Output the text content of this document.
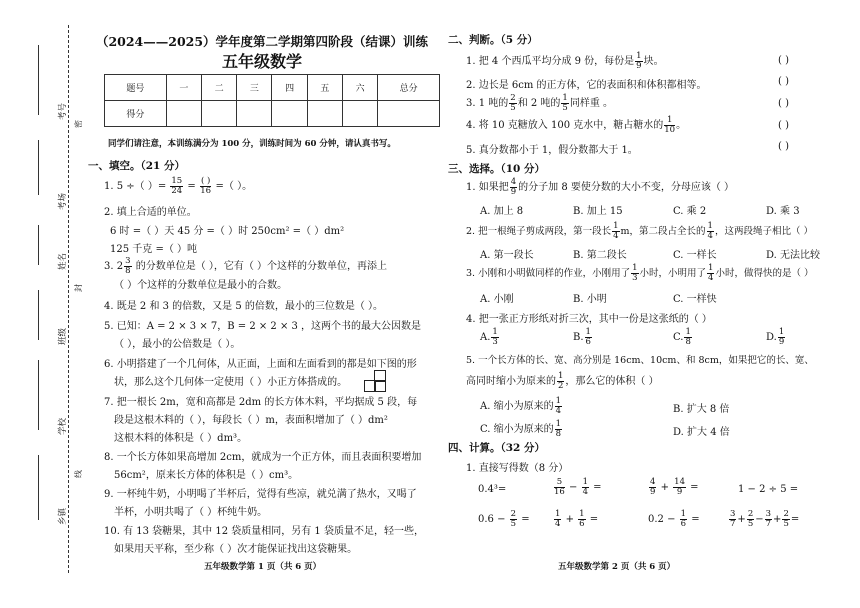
考号
密
考场
姓名
封
班级
学校
线
乡镇
（2024——2025）学年度第二学期第四阶段（结课）训练
五年级数学
题号	一	二	三	四	五	六	总分
得分							
同学们请注意，本训练满分为 100 分，训练时间为 60 分钟，请认真书写。
一、填空。（21 分）
1. 5 ÷（ ）= $\frac{15}{24} = \frac{( )}{16}$ =（ ）。
2. 填上合适的单位。
6 时 =（ ）天 45 分 =（ ）时 250cm² =（ ）dm²
125 千克 =（ ）吨
3. $2 \frac{3}{8}$ 的分数单位是（ ），它有（ ）个这样的分数单位，再添上
（ ）个这样的分数单位是最小的合数。
4. 既是 2 和 3 的倍数，又是 5 的倍数，最小的三位数是（ ）。
5. 已知：A = 2 × 3 × 7，B = 2 × 2 × 3 ，这两个书的最大公因数是
（ ），最小的公倍数是（ ）。
6. 小明搭建了一个几何体，从正面，上面和左面看到的都是如下图的形
状，那么这个几何体一定使用（ ）小正方体搭成的。
7. 把一根长 2m，宽和高都是 2dm 的长方体木料，平均据成 5 段，每
段是这根木料的（ ），每段长（ ）m，表面积增加了（ ）dm²
这根木料的体积是（ ）dm³。
8. 一个长方体如果高增加 2cm，就成为一个正方体，而且表面积要增加
56cm²，原来长方体的体积是（ ）cm³。
9. 一杯纯牛奶，小明喝了半杯后，觉得有些凉，就兑满了热水，又喝了
半杯，小明共喝了（ ）杯纯牛奶。
10. 有 13 袋糖果，其中 12 袋质量相同，另有 1 袋质量不足，轻一些，
如果用天平称，至少称（ ）次才能保证找出这袋糖果。
五年级数学第 1 页（共 6 页）
二、判断。（5 分）
1. 把 4 个西瓜平均分成 9 份，每份是 $\frac{1}{9}$ 块。	( )
2. 边长是 6cm 的正方体，它的表面积和体积都相等。	( )
3. 1 吨的 $\frac{2}{5}$ 和 2 吨的 $\frac{1}{5}$ 同样重 。	( )
4. 将 10 克糖放入 100 克水中，糖占糖水的 $\frac{1}{10}$ 。	( )
5. 真分数都小于 1，假分数都大于 1。	( )
三、选择。（10 分）
1. 如果把 $\frac{4}{9}$ 的分子加 8 要使分数的大小不变，分母应该（ ）
A. 加上 8	B. 加上 15	C. 乘 2	D. 乘 3
2. 把一根绳子剪成两段，第一段长 $\frac{1}{4}$ m，第二段占全长的 $\frac{1}{4}$ ，这两段绳子相比（ ）
A. 第一段长	B. 第二段长	C. 一样长	D. 无法比较
3. 小刚和小明做同样的作业，小刚用了 $\frac{1}{3}$ 小时，小明用了 $\frac{1}{4}$ 小时，做得快的是（ ）
A. 小刚	B. 小明	C. 一样快
4. 把一张正方形纸对折三次，其中一份是这张纸的（ ）
A. $\frac{1}{3}$	B. $\frac{1}{6}$	C. $\frac{1}{8}$	D. $\frac{1}{9}$
5. 一个长方体的长、宽、高分别是 16cm、10cm、和 8cm，如果把它的长、宽、
高同时缩小为原来的 $\frac{1}{2}$ ，那么它的体积（ ）
A. 缩小为原来的 $\frac{1}{4}$	B. 扩大 8 倍
C. 缩小为原来的 $\frac{1}{8}$	D. 扩大 4 倍
四、计算。（32 分）
1. 直接写得数（8 分）
0.4³=	$\frac{5}{16} - \frac{1}{4}$ =	$\frac{4}{9} + \frac{14}{9}$ =	1 − 2 ÷ 5 =
$0.6 - \frac{2}{5}$ =	$\frac{1}{4} + \frac{1}{6}$ =	$0.2 - \frac{1}{6}$ =	$\frac{3}{7} + \frac{2}{5} - \frac{3}{7} + \frac{2}{5}$ =
五年级数学第 2 页（共 6 页）
